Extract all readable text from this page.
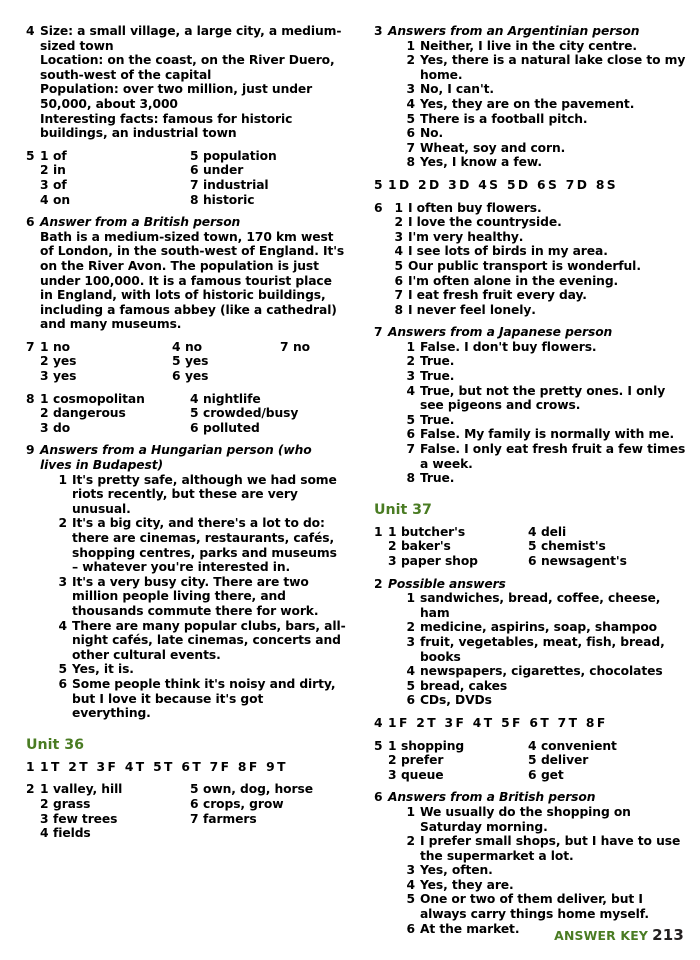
4 Size: a small village, a large city, a medium-sized town
Location: on the coast, on the River Duero, south-west of the capital
Population: over two million, just under 50,000, about 3,000
Interesting facts: famous for historic buildings, an industrial town
5 1 of
2 in
3 of
4 on
5 population
6 under
7 industrial
8 historic
6 Answer from a British person
Bath is a medium-sized town, 170 km west of London, in the south-west of England. It's on the River Avon. The population is just under 100,000. It is a famous tourist place in England, with lots of historic buildings, including a famous abbey (like a cathedral) and many museums.
7 1 no
2 yes
3 yes
4 no
5 yes
6 yes
7 no
8 1 cosmopolitan
2 dangerous
3 do
4 nightlife
5 crowded/busy
6 polluted
9 Answers from a Hungarian person (who lives in Budapest)
1 It's pretty safe, although we had some riots recently, but these are very unusual.
2 It's a big city, and there's a lot to do: there are cinemas, restaurants, cafés, shopping centres, parks and museums – whatever you're interested in.
3 It's a very busy city. There are two million people living there, and thousands commute there for work.
4 There are many popular clubs, bars, all-night cafés, late cinemas, concerts and other cultural events.
5 Yes, it is.
6 Some people think it's noisy and dirty, but I love it because it's got everything.
Unit 36
1 1 T 2 T 3 F 4 T 5 T 6 T 7 F 8 F 9 T
2 1 valley, hill
2 grass
3 few trees
4 fields
5 own, dog, horse
6 crops, grow
7 farmers
3 Answers from an Argentinian person
1 Neither, I live in the city centre.
2 Yes, there is a natural lake close to my home.
3 No, I can't.
4 Yes, they are on the pavement.
5 There is a football pitch.
6 No.
7 Wheat, soy and corn.
8 Yes, I know a few.
5 1 D 2 D 3 D 4 S 5 D 6 S 7 D 8 S
6 1 I often buy flowers.
2 I love the countryside.
3 I'm very healthy.
4 I see lots of birds in my area.
5 Our public transport is wonderful.
6 I'm often alone in the evening.
7 I eat fresh fruit every day.
8 I never feel lonely.
7 Answers from a Japanese person
1 False. I don't buy flowers.
2 True.
3 True.
4 True, but not the pretty ones. I only see pigeons and crows.
5 True.
6 False. My family is normally with me.
7 False. I only eat fresh fruit a few times a week.
8 True.
Unit 37
1 1 butcher's
2 baker's
3 paper shop
4 deli
5 chemist's
6 newsagent's
2 Possible answers
1 sandwiches, bread, coffee, cheese, ham
2 medicine, aspirins, soap, shampoo
3 fruit, vegetables, meat, fish, bread, books
4 newspapers, cigarettes, chocolates
5 bread, cakes
6 CDs, DVDs
4 1 F 2 T 3 F 4 T 5 F 6 T 7 T 8 F
5 1 shopping
2 prefer
3 queue
4 convenient
5 deliver
6 get
6 Answers from a British person
1 We usually do the shopping on Saturday morning.
2 I prefer small shops, but I have to use the supermarket a lot.
3 Yes, often.
4 Yes, they are.
5 One or two of them deliver, but I always carry things home myself.
6 At the market.	ANSWER KEY 213
